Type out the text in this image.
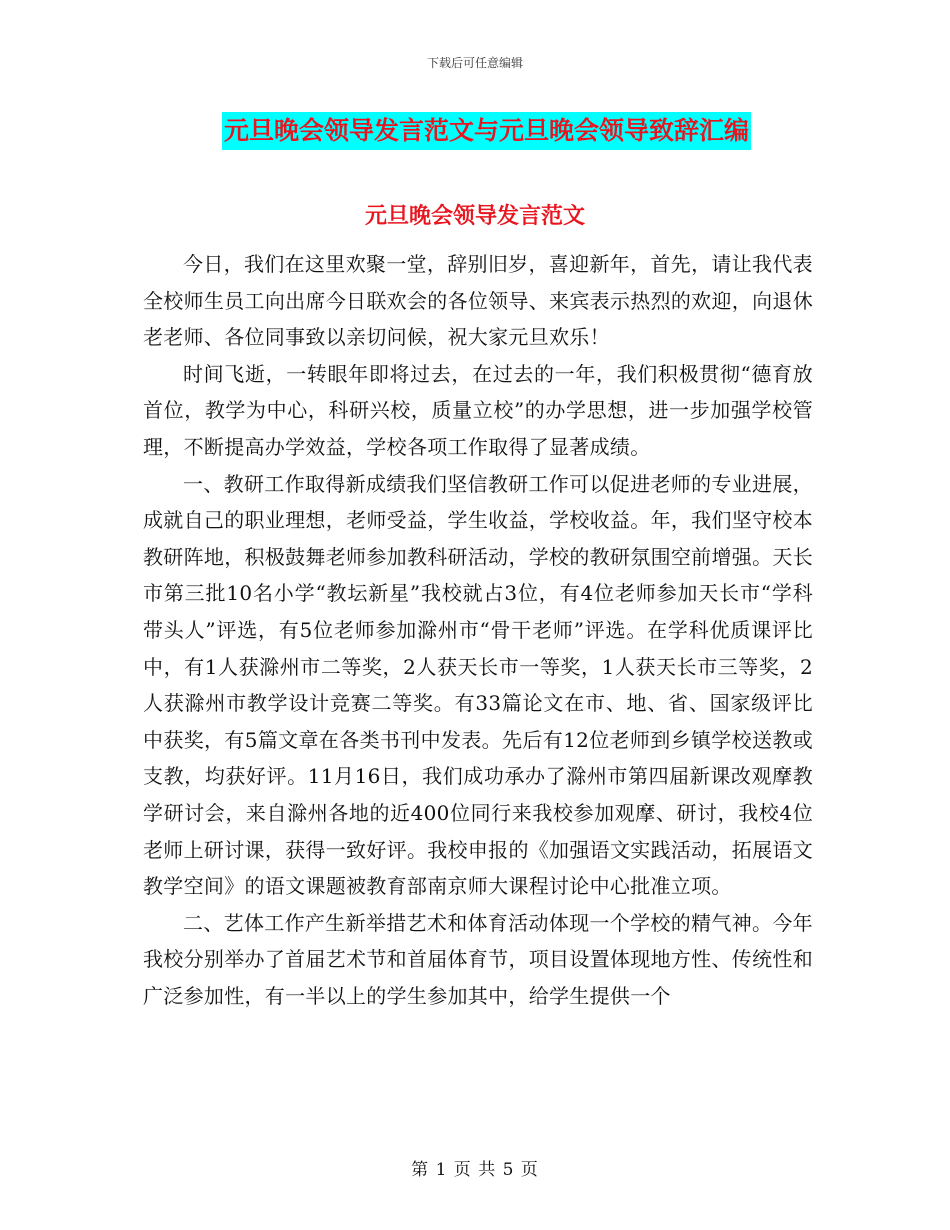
下载后可任意编辑
元旦晚会领导发言范文与元旦晚会领导致辞汇编
元旦晚会领导发言范文

今日，我们在这里欢聚一堂，辞别旧岁，喜迎新年，首先，请让我代表全校师生员工向出席今日联欢会的各位领导、来宾表示热烈的欢迎，向退休老老师、各位同事致以亲切问候，祝大家元旦欢乐！

时间飞逝，一转眼年即将过去，在过去的一年，我们积极贯彻“德育放首位，教学为中心，科研兴校，质量立校”的办学思想，进一步加强学校管理，不断提高办学效益，学校各项工作取得了显著成绩。

一、教研工作取得新成绩我们坚信教研工作可以促进老师的专业进展，成就自己的职业理想，老师受益，学生收益，学校收益。年，我们坚守校本教研阵地，积极鼓舞老师参加教科研活动，学校的教研氛围空前增强。天长市第三批10名小学“教坛新星”我校就占3位，有4位老师参加天长市“学科带头人”评选，有5位老师参加滁州市“骨干老师”评选。在学科优质课评比中，有1人获滁州市二等奖，2人获天长市一等奖，1人获天长市三等奖，2人获滁州市教学设计竞赛二等奖。有33篇论文在市、地、省、国家级评比中获奖，有5篇文章在各类书刊中发表。先后有12位老师到乡镇学校送教或支教，均获好评。11月16日，我们成功承办了滁州市第四届新课改观摩教学研讨会，来自滁州各地的近400位同行来我校参加观摩、研讨，我校4位老师上研讨课，获得一致好评。我校申报的《加强语文实践活动，拓展语文教学空间》的语文课题被教育部南京师大课程讨论中心批准立项。

二、艺体工作产生新举措艺术和体育活动体现一个学校的精气神。今年我校分别举办了首届艺术节和首届体育节，项目设置体现地方性、传统性和广泛参加性，有一半以上的学生参加其中，给学生提供一个

第 1 页 共 5 页
